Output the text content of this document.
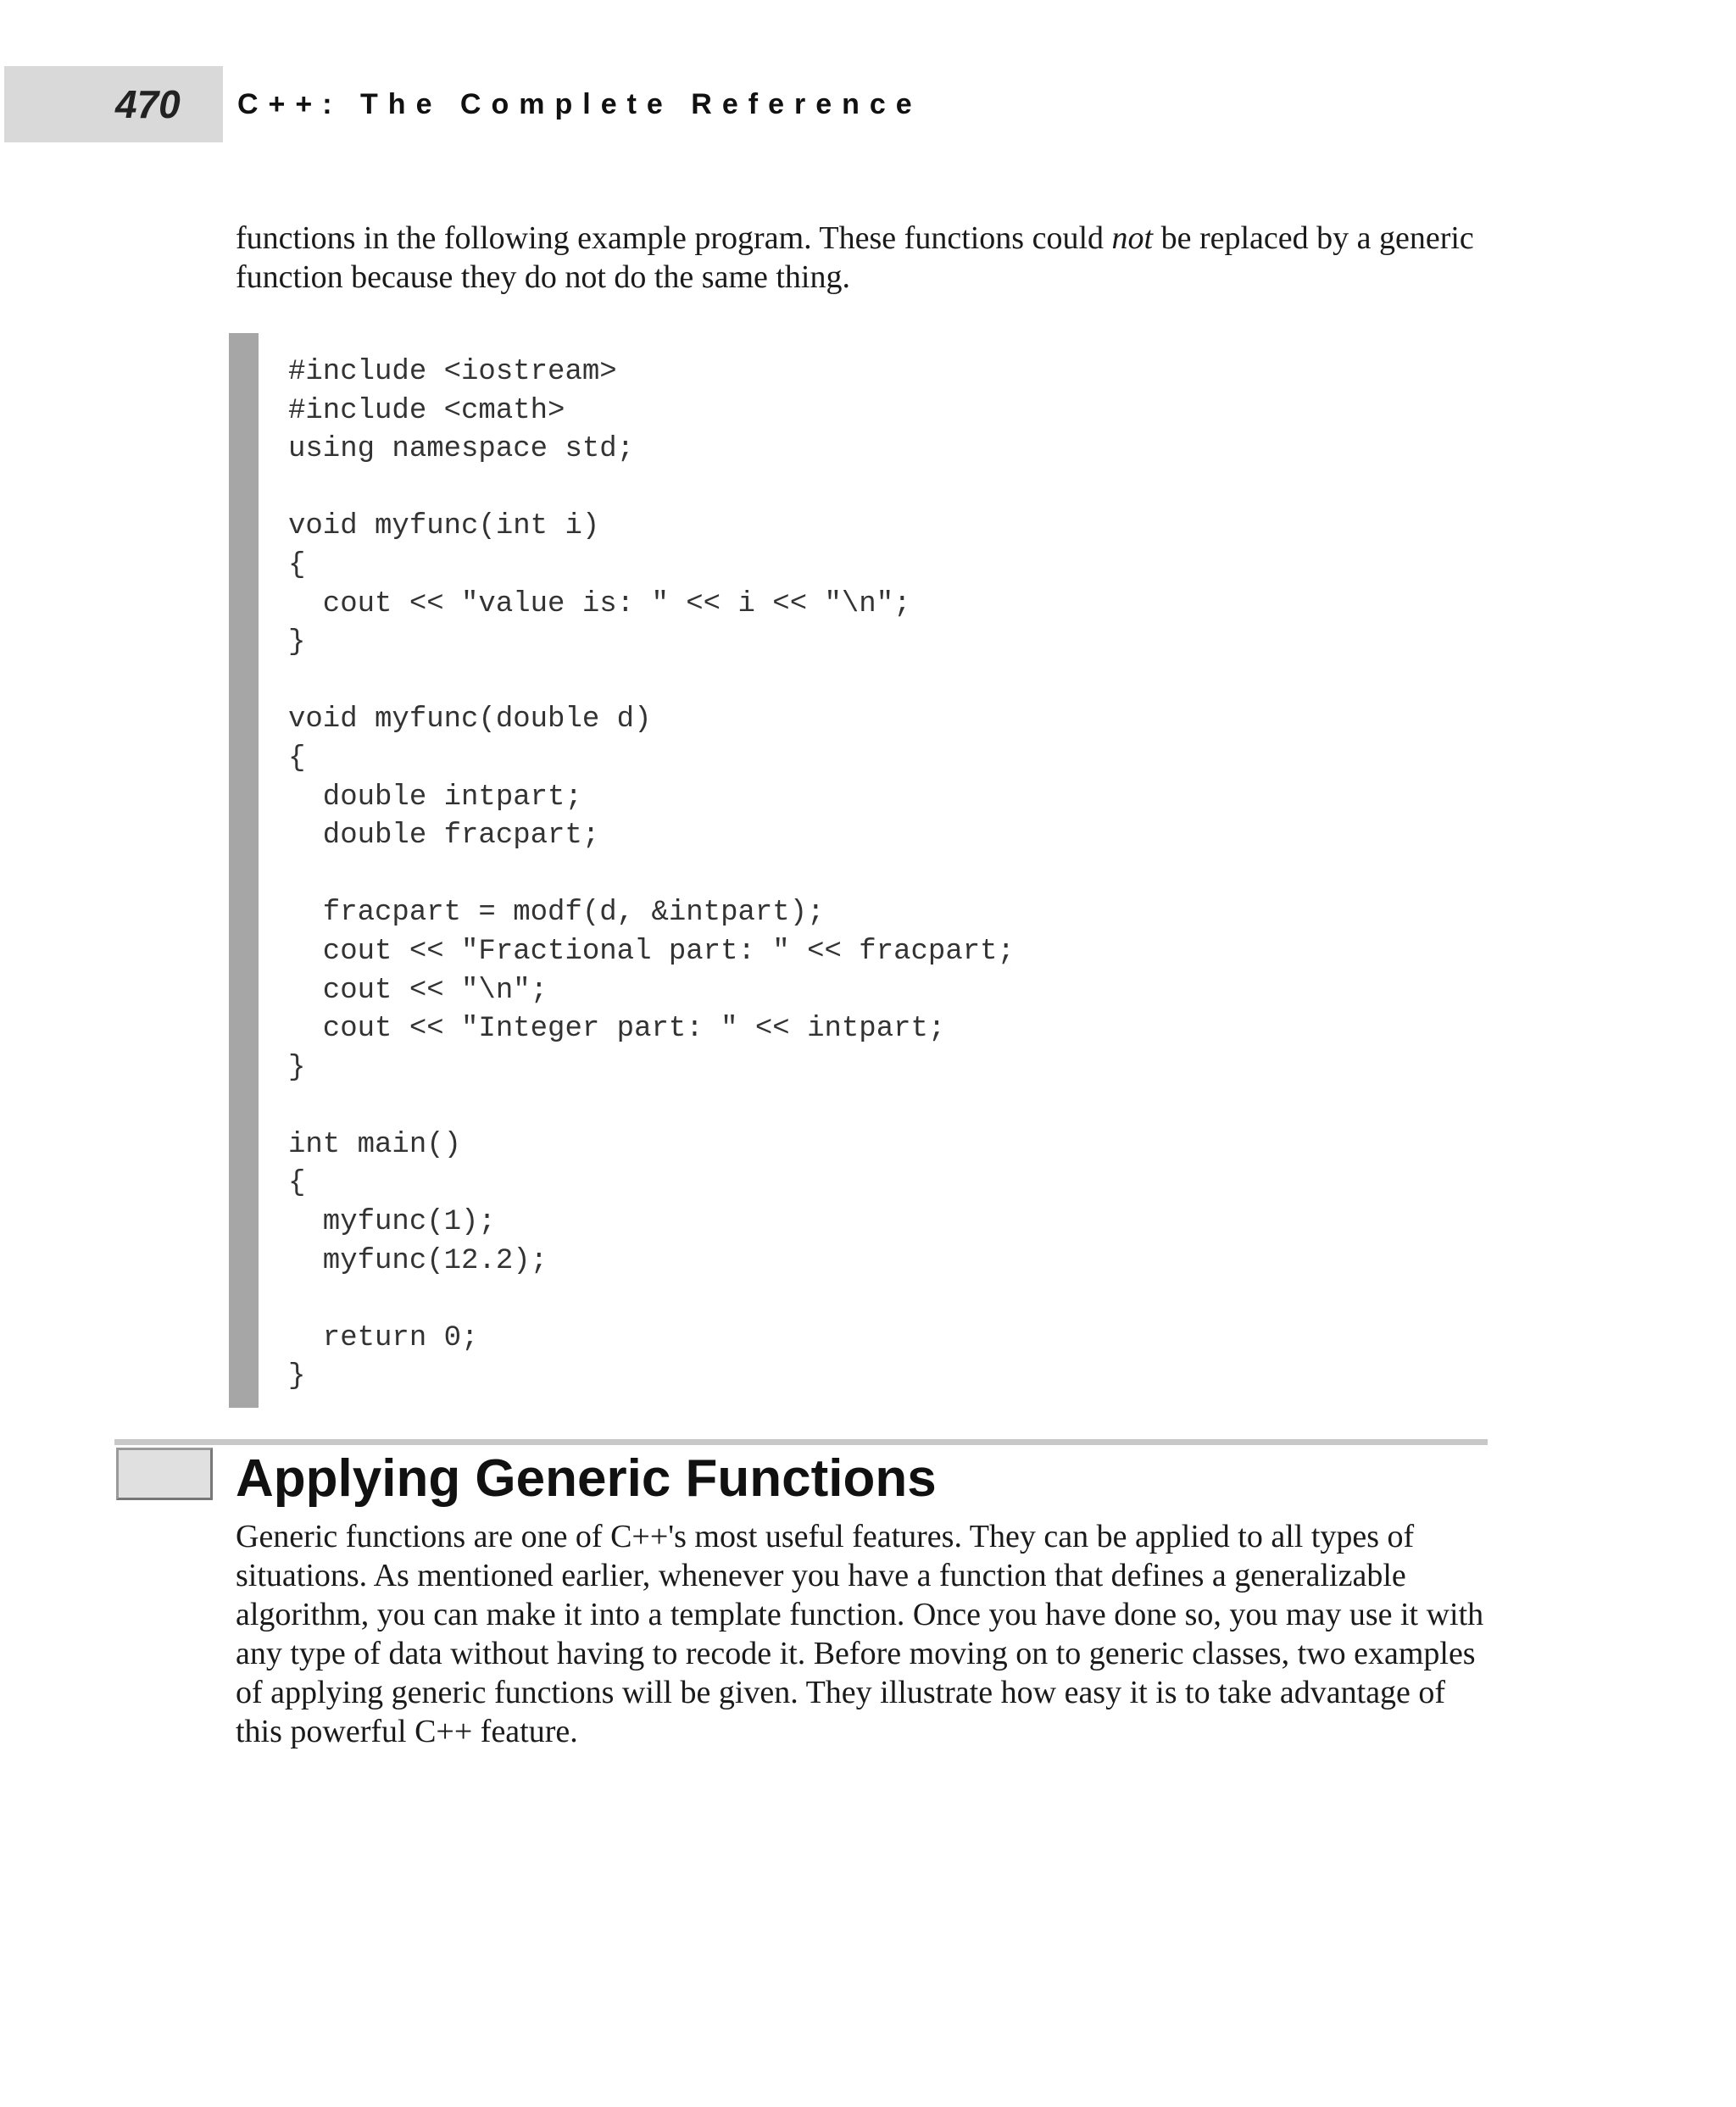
470 C++: The Complete Reference

functions in the following example program. These functions could not be replaced by a generic function because they do not do the same thing.

#include <iostream>
#include <cmath>
using namespace std;

void myfunc(int i)
{
cout << "value is: " << i << "\n";
}

void myfunc(double d)
{
double intpart;
double fracpart;

fracpart = modf(d, &intpart);
cout << "Fractional part: " << fracpart;
cout << "\n";
cout << "Integer part: " << intpart;
}

int main()
{
myfunc(1);
myfunc(12.2);

return 0;
}
Applying Generic Functions

Generic functions are one of C++'s most useful features. They can be applied to all types of situations. As mentioned earlier, whenever you have a function that defines a generalizable algorithm, you can make it into a template function. Once you have done so, you may use it with any type of data without having to recode it. Before moving on to generic classes, two examples of applying generic functions will be given. They illustrate how easy it is to take advantage of this powerful C++ feature.
